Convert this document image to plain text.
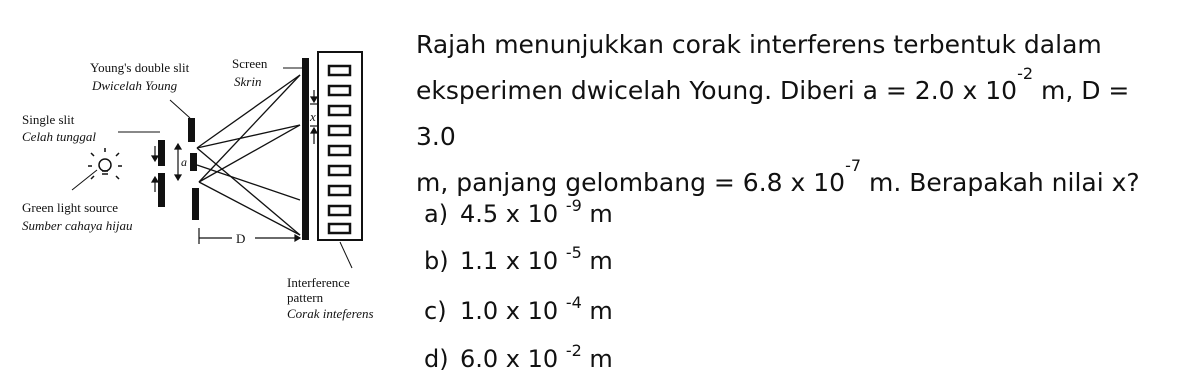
Young's double slit
Dwicelah Young
Screen
Skrin
Single slit
Celah tunggal
Green light source
Sumber cahaya hijau
Interference
pattern
Corak inteferens
a
x
D
Rajah menunjukkan corak interferens terbentuk dalam
eksperimen dwicelah Young. Diberi a = 2.0 x $10^{-2}$ m, D = 3.0
m, panjang gelombang = 6.8 x $10^{-7}$ m. Berapakah nilai x?
a) 4.5 x 10 $^{-9}$ m
b) 1.1 x 10 $^{-5}$ m
c) 1.0 x 10 $^{-4}$ m
d) 6.0 x 10 $^{-2}$ m
